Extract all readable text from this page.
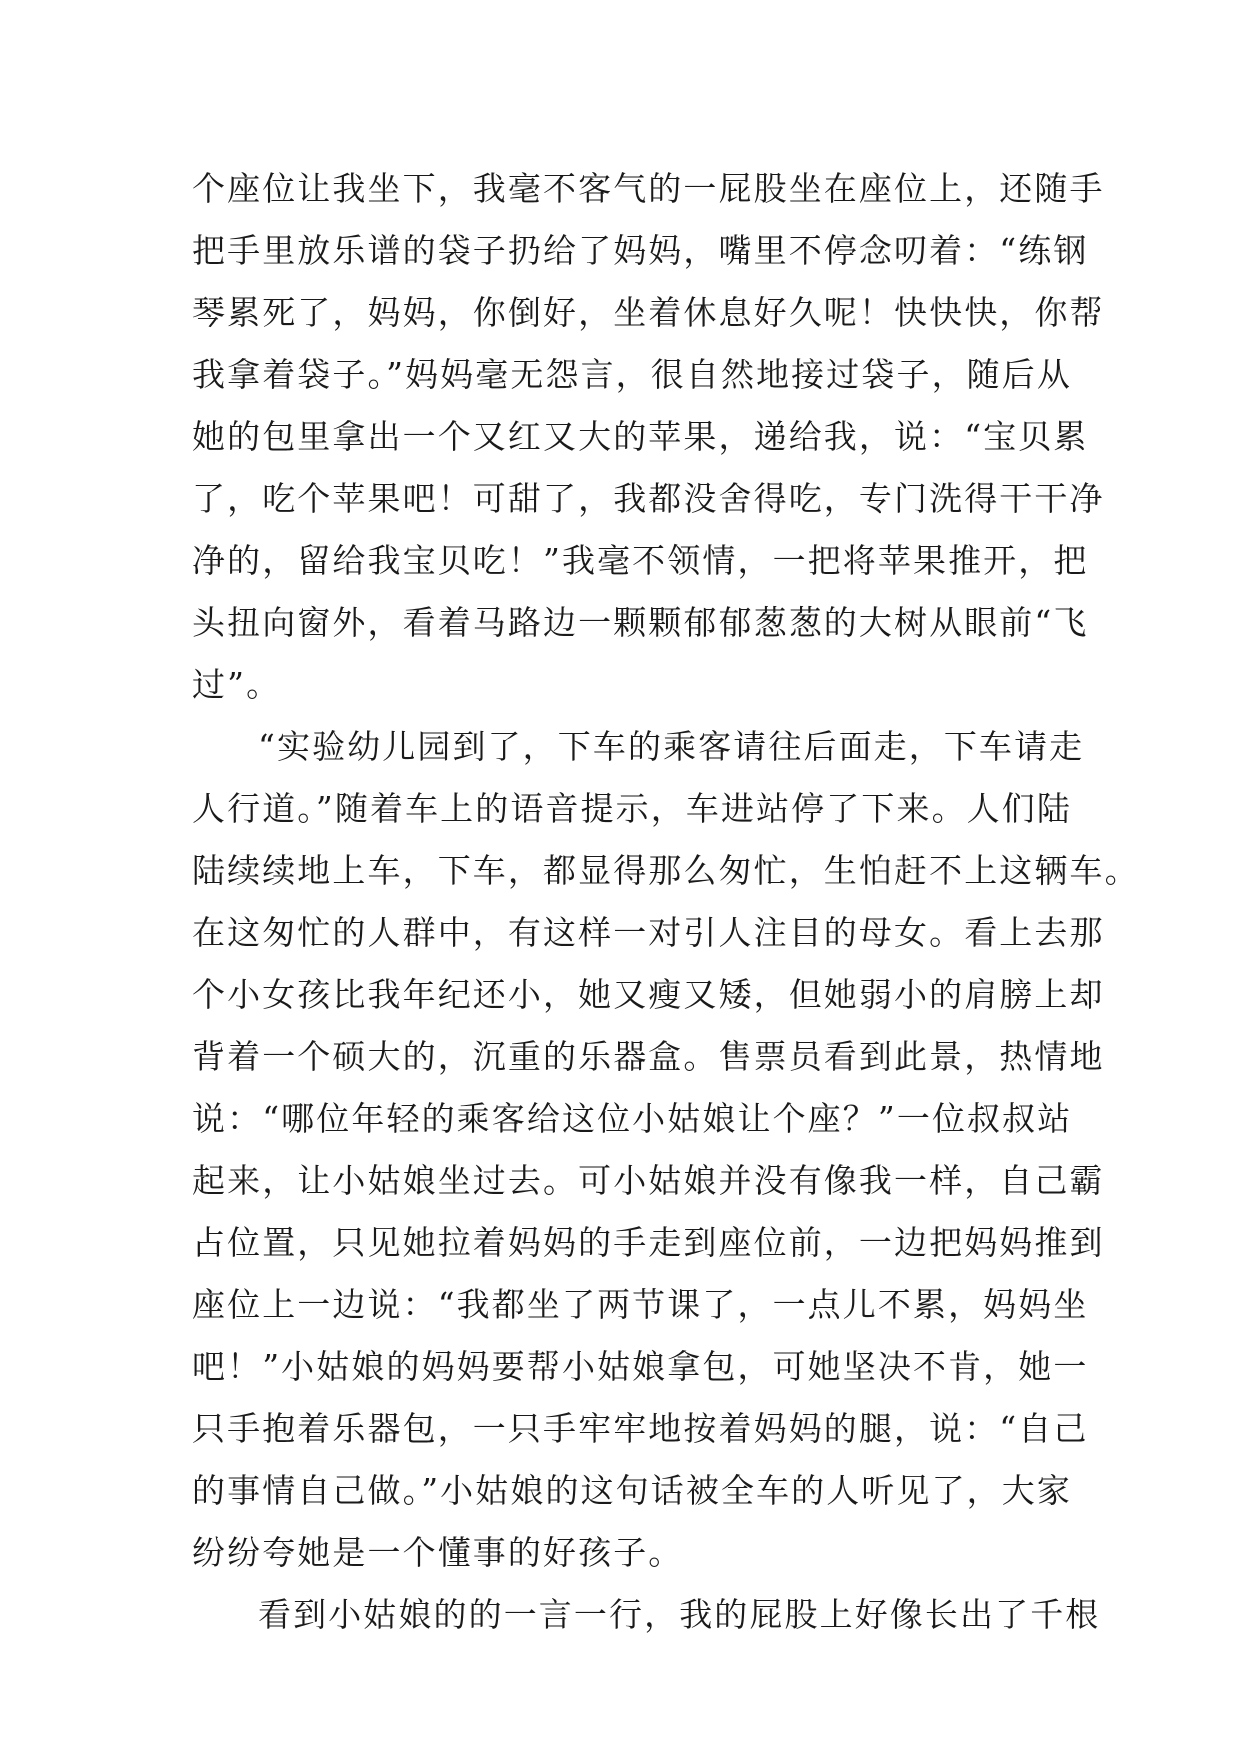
个座位让我坐下，我毫不客气的一屁股坐在座位上，还随手
把手里放乐谱的袋子扔给了妈妈，嘴里不停念叨着：“练钢
琴累死了，妈妈，你倒好，坐着休息好久呢！快快快，你帮
我拿着袋子。”妈妈毫无怨言，很自然地接过袋子，随后从
她的包里拿出一个又红又大的苹果，递给我，说：“宝贝累
了，吃个苹果吧！可甜了，我都没舍得吃，专门洗得干干净
净的，留给我宝贝吃！”我毫不领情，一把将苹果推开，把
头扭向窗外，看着马路边一颗颗郁郁葱葱的大树从眼前“飞
过”。
“实验幼儿园到了，下车的乘客请往后面走，下车请走
人行道。”随着车上的语音提示，车进站停了下来。人们陆
陆续续地上车，下车，都显得那么匆忙，生怕赶不上这辆车。
在这匆忙的人群中，有这样一对引人注目的母女。看上去那
个小女孩比我年纪还小，她又瘦又矮，但她弱小的肩膀上却
背着一个硕大的，沉重的乐器盒。售票员看到此景，热情地
说：“哪位年轻的乘客给这位小姑娘让个座？”一位叔叔站
起来，让小姑娘坐过去。可小姑娘并没有像我一样，自己霸
占位置，只见她拉着妈妈的手走到座位前，一边把妈妈推到
座位上一边说：“我都坐了两节课了，一点儿不累，妈妈坐
吧！”小姑娘的妈妈要帮小姑娘拿包，可她坚决不肯，她一
只手抱着乐器包，一只手牢牢地按着妈妈的腿，说：“自己
的事情自己做。”小姑娘的这句话被全车的人听见了，大家
纷纷夸她是一个懂事的好孩子。
看到小姑娘的的一言一行，我的屁股上好像长出了千根
